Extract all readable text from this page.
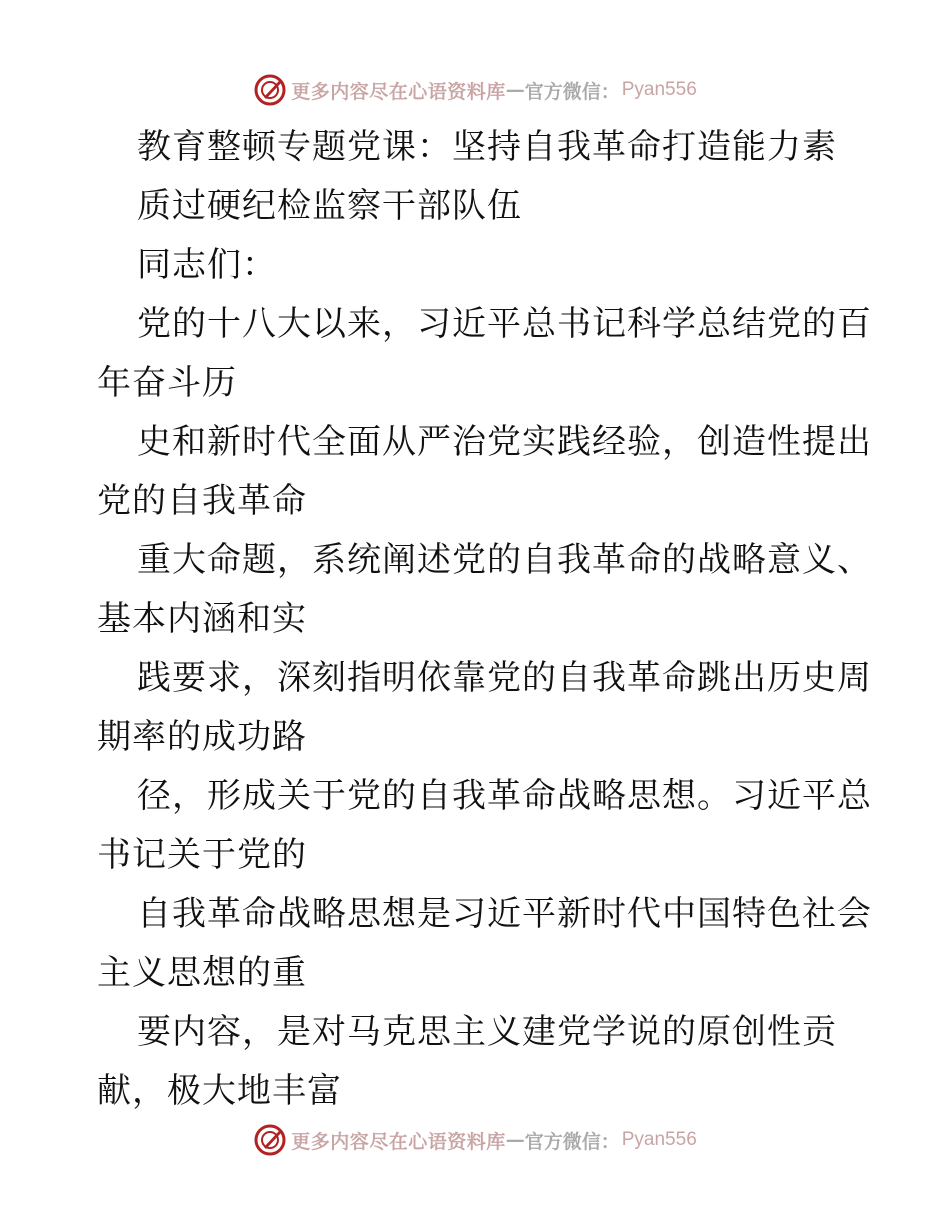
更多内容尽在心语资料库 — 官方微信： Pyan556
教育整顿专题党课：坚持自我革命打造能力素
质过硬纪检监察干部队伍
同志们：
党的十八大以来，习近平总书记科学总结党的百
年奋斗历
史和新时代全面从严治党实践经验，创造性提出
党的自我革命
重大命题，系统阐述党的自我革命的战略意义、
基本内涵和实
践要求，深刻指明依靠党的自我革命跳出历史周
期率的成功路
径，形成关于党的自我革命战略思想。习近平总
书记关于党的
自我革命战略思想是习近平新时代中国特色社会
主义思想的重
要内容，是对马克思主义建党学说的原创性贡
献，极大地丰富
更多内容尽在心语资料库 — 官方微信： Pyan556
